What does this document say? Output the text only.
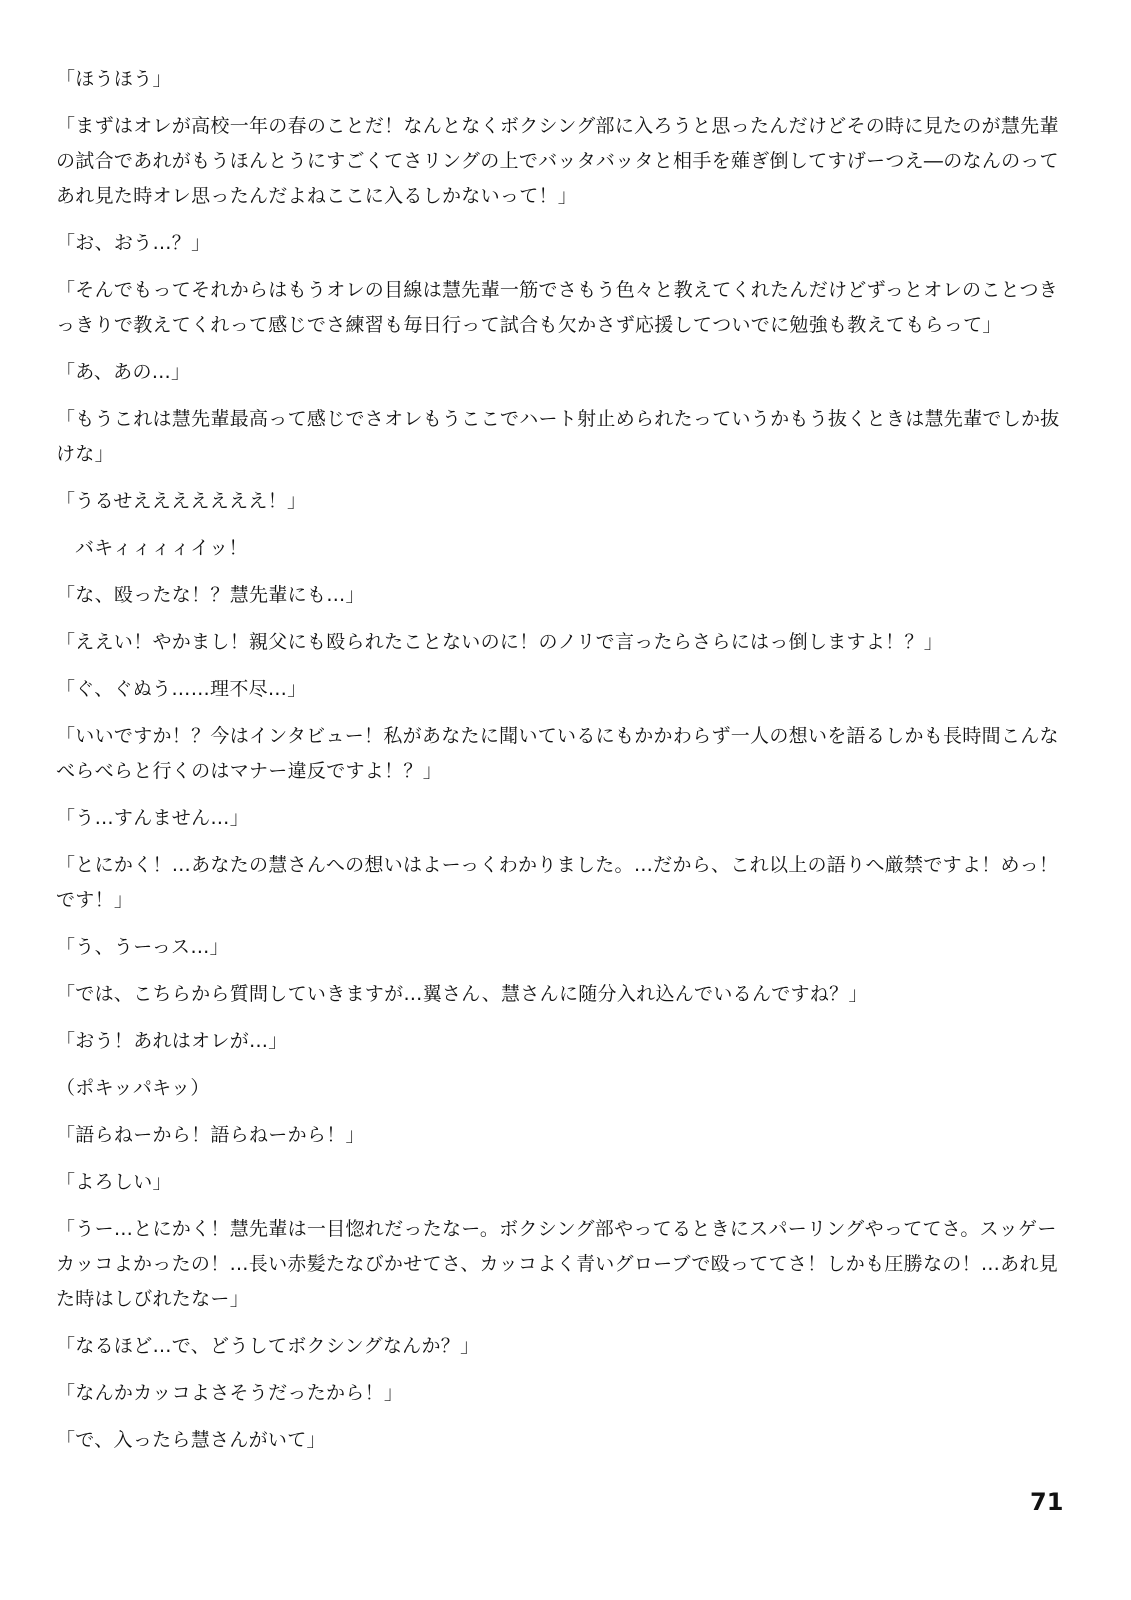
「ほうほう」

「まずはオレが高校一年の春のことだ！なんとなくボクシング部に入ろうと思ったんだけどその時に見たのが慧先輩の試合であれがもうほんとうにすごくてさリングの上でバッタバッタと相手を薙ぎ倒してすげーつえ―のなんのってあれ見た時オレ思ったんだよねここに入るしかないって！」

「お、おう…？」

「そんでもってそれからはもうオレの目線は慧先輩一筋でさもう色々と教えてくれたんだけどずっとオレのことつきっきりで教えてくれって感じでさ練習も毎日行って試合も欠かさず応援してついでに勉強も教えてもらって」

「あ、あの…」

「もうこれは慧先輩最高って感じでさオレもうここでハート射止められたっていうかもう抜くときは慧先輩でしか抜けな」

「うるせえええええええ！」

バキィィィィイッ！

「な、殴ったな！？慧先輩にも…」

「ええい！やかまし！親父にも殴られたことないのに！のノリで言ったらさらにはっ倒しますよ！？」

「ぐ、ぐぬう……理不尽…」

「いいですか！？今はインタビュー！私があなたに聞いているにもかかわらず一人の想いを語るしかも長時間こんなべらべらと行くのはマナー違反ですよ！？」

「う…すんません…」

「とにかく！…あなたの慧さんへの想いはよーっくわかりました。…だから、これ以上の語りへ厳禁ですよ！めっ！です！」

「う、うーっス…」

「では、こちらから質問していきますが…翼さん、慧さんに随分入れ込んでいるんですね？」

「おう！あれはオレが…」

（ポキッパキッ）

「語らねーから！語らねーから！」

「よろしい」

「うー…とにかく！慧先輩は一目惚れだったなー。ボクシング部やってるときにスパーリングやっててさ。スッゲーカッコよかったの！…長い赤髪たなびかせてさ、カッコよく青いグローブで殴っててさ！しかも圧勝なの！…あれ見た時はしびれたなー」

「なるほど…で、どうしてボクシングなんか？」

「なんかカッコよさそうだったから！」

「で、入ったら慧さんがいて」

71
